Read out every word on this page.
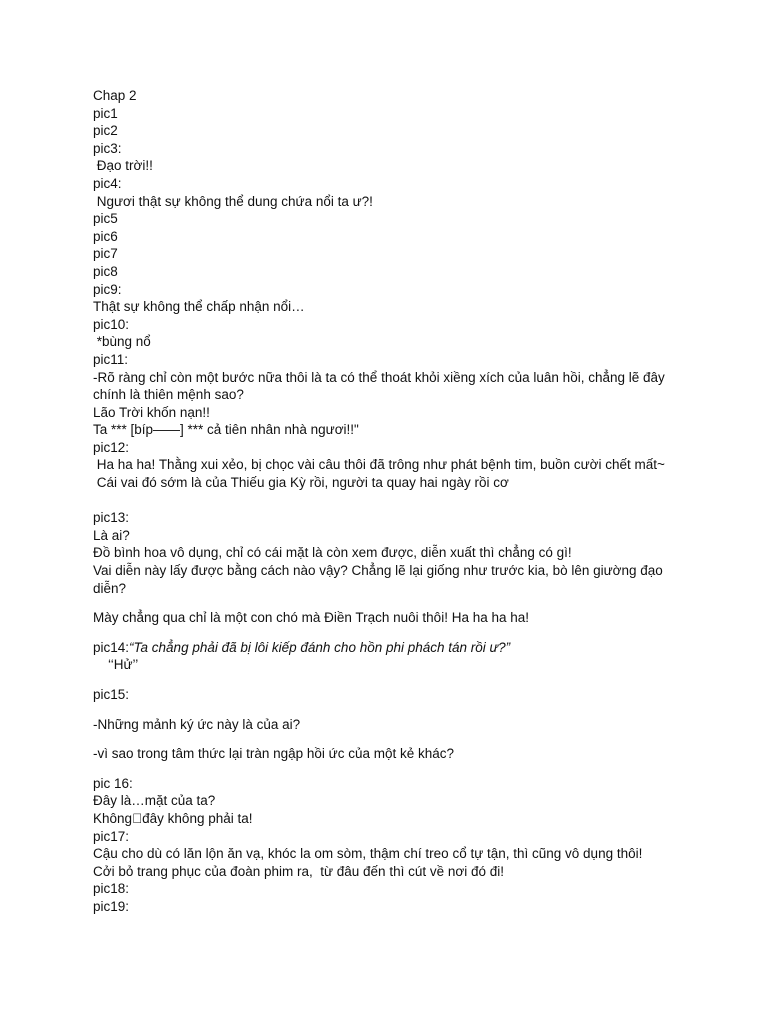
Chap 2
pic1
pic2
pic3:
Đạo trời!!
pic4:
Ngươi thật sự không thể dung chứa nổi ta ư?!
pic5
pic6
pic7
pic8
pic9:
Thật sự không thể chấp nhận nổi…
pic10:
*bùng nổ
pic11:
-Rõ ràng chỉ còn một bước nữa thôi là ta có thể thoát khỏi xiềng xích của luân hồi, chẳng lẽ đây chính là thiên mệnh sao?
Lão Trời khốn nạn!!
Ta *** [bíp——] *** cả tiên nhân nhà ngươi!!"
pic12:
Ha ha ha! Thằng xui xẻo, bị chọc vài câu thôi đã trông như phát bệnh tim, buồn cười chết mất~
Cái vai đó sớm là của Thiếu gia Kỳ rồi, người ta quay hai ngày rồi cơ
pic13:
Là ai?
Đồ bình hoa vô dụng, chỉ có cái mặt là còn xem được, diễn xuất thì chẳng có gì!
Vai diễn này lấy được bằng cách nào vậy? Chẳng lẽ lại giống như trước kia, bò lên giường đạo diễn?
Mày chẳng qua chỉ là một con chó mà Điền Trạch nuôi thôi! Ha ha ha ha!
pic14:“Ta chẳng phải đã bị lôi kiếp đánh cho hồn phi phách tán rồi ư?”
‘‘Hử’’
pic15:
-Những mảnh ký ức này là của ai?
-vì sao trong tâm thức lại tràn ngập hồi ức của một kẻ khác?
pic 16:
Đây là…mặt của ta?
Không đây không phải ta!
pic17:
Cậu cho dù có lăn lộn ăn vạ, khóc la om sòm, thậm chí treo cổ tự tận, thì cũng vô dụng thôi!
Cởi bỏ trang phục của đoàn phim ra,  từ đâu đến thì cút về nơi đó đi!
pic18:
pic19:
